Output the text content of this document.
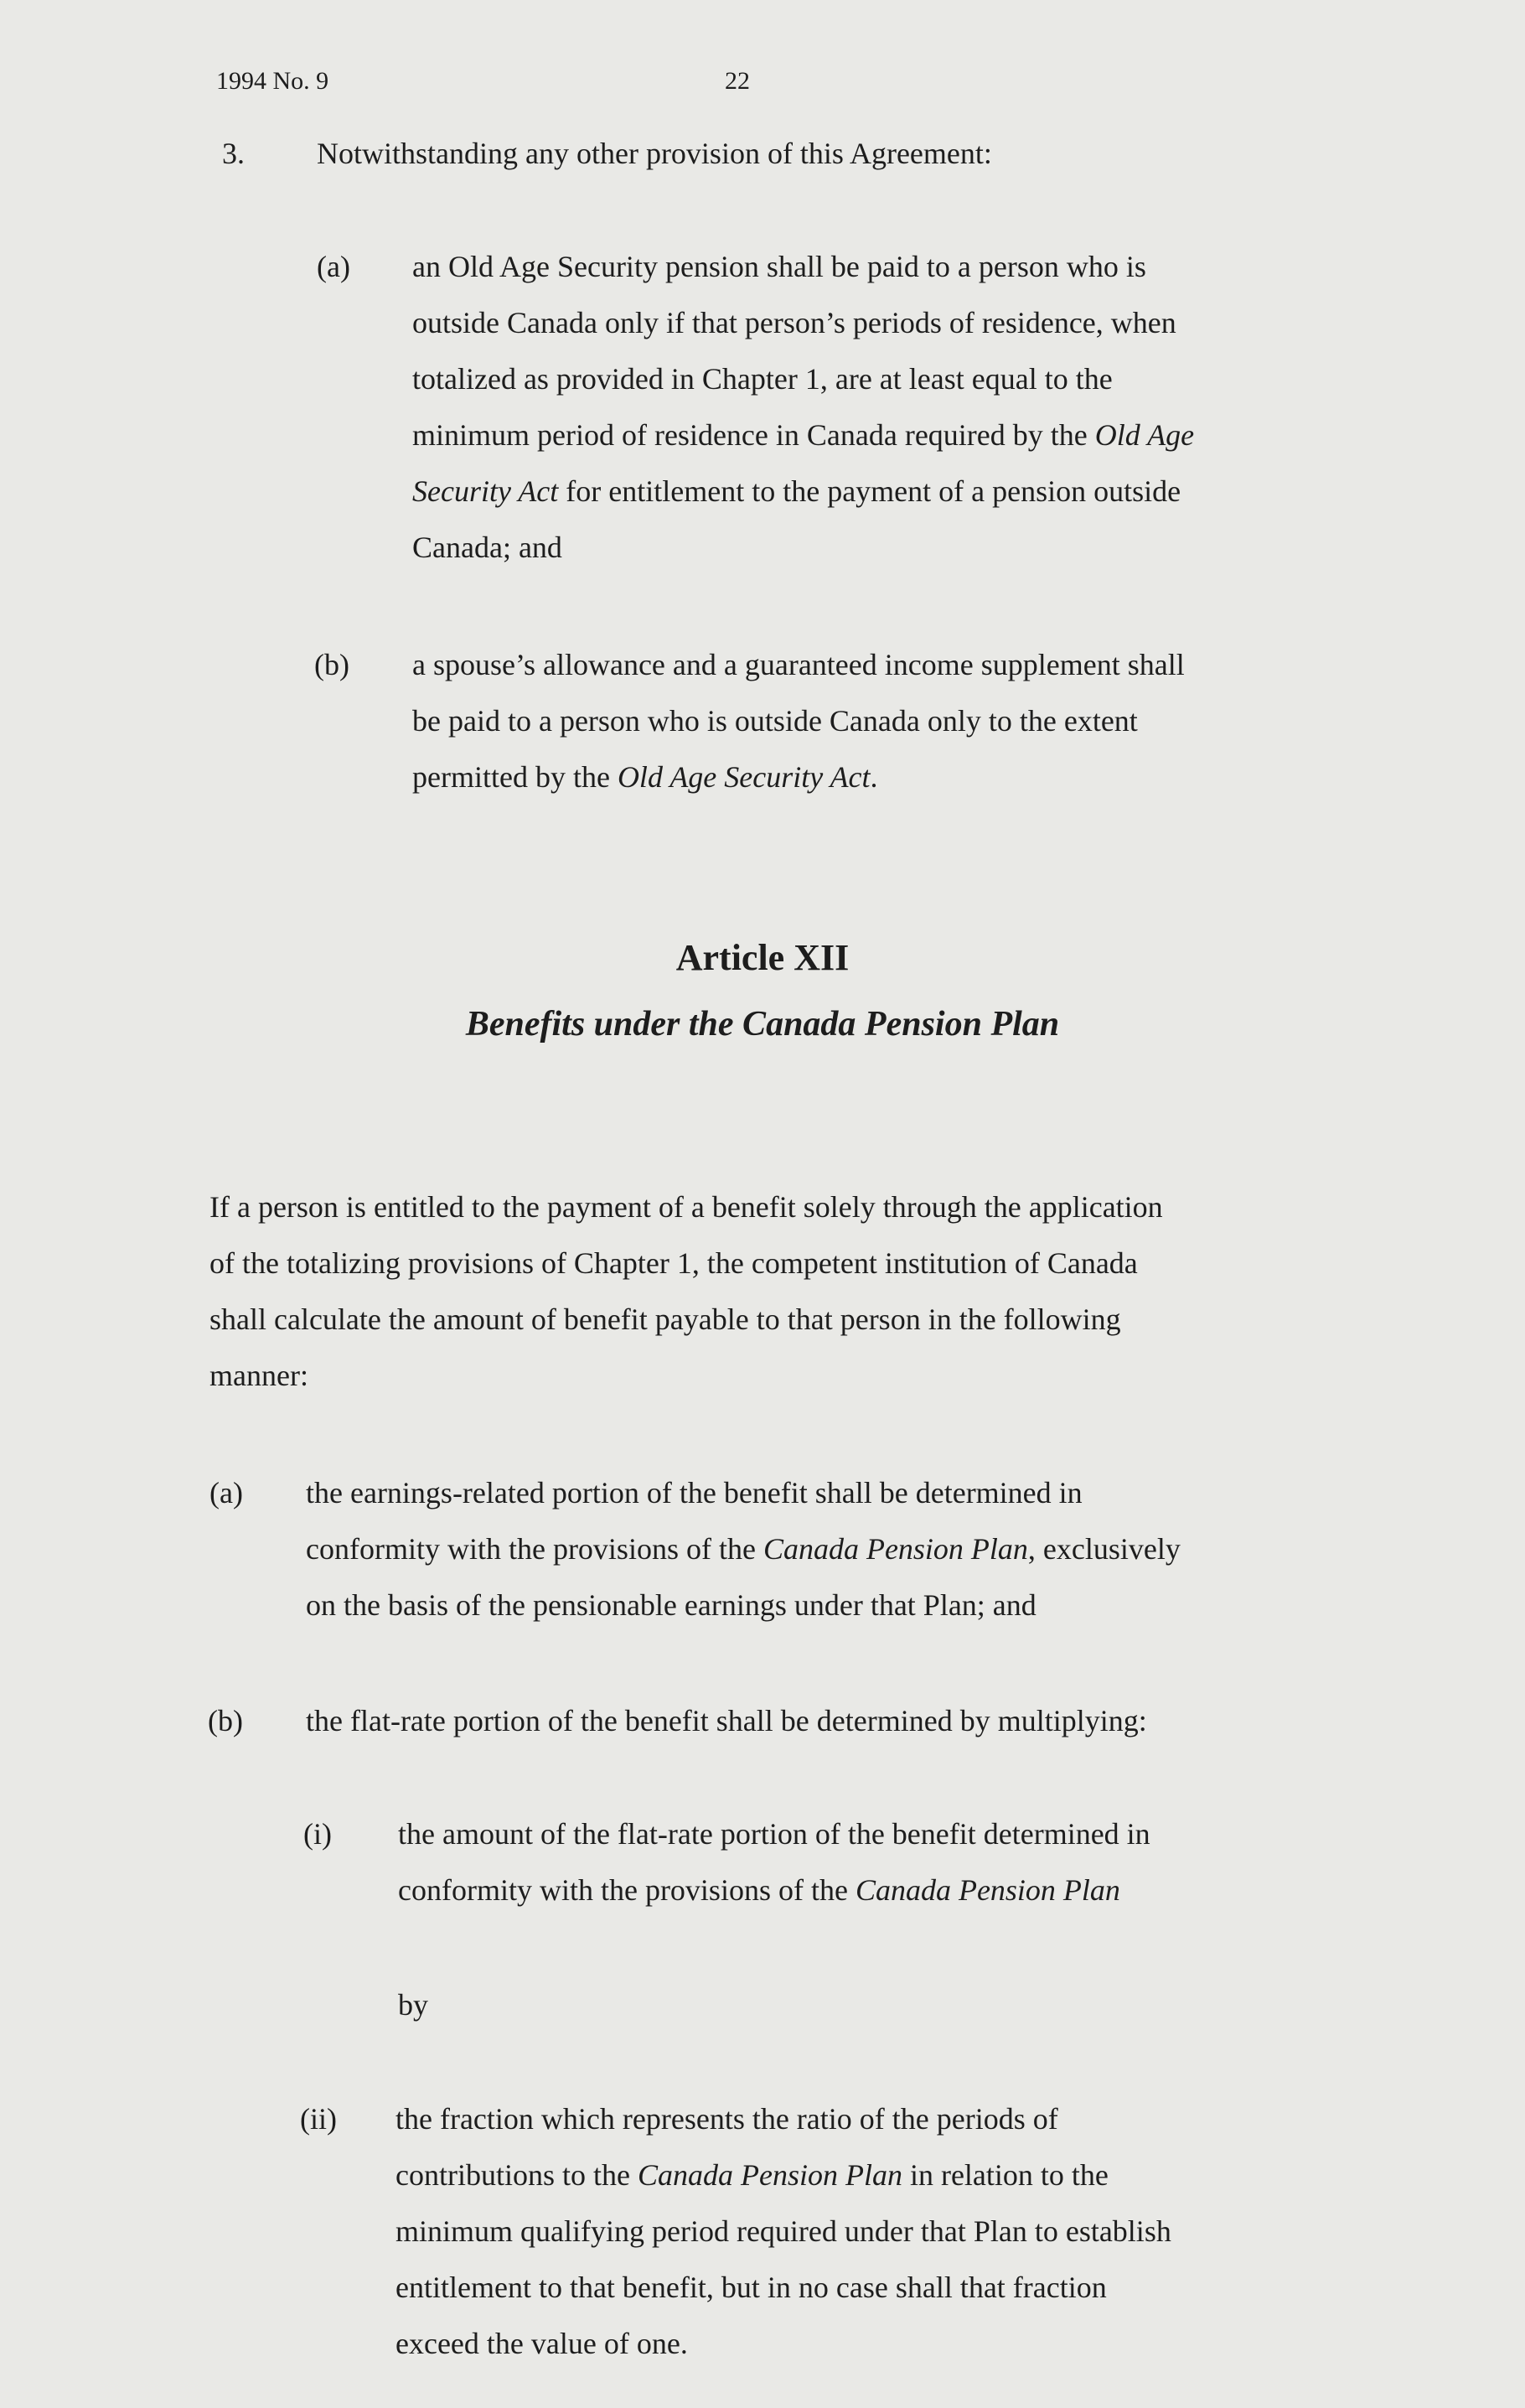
1994 No. 9	22
3. Notwithstanding any other provision of this Agreement:
(a) an Old Age Security pension shall be paid to a person who is
outside Canada only if that person’s periods of residence, when
totalized as provided in Chapter 1, are at least equal to the
minimum period of residence in Canada required by the Old Age
Security Act for entitlement to the payment of a pension outside
Canada; and
(b) a spouse’s allowance and a guaranteed income supplement shall
be paid to a person who is outside Canada only to the extent
permitted by the Old Age Security Act.
Article XII
Benefits under the Canada Pension Plan
If a person is entitled to the payment of a benefit solely through the application
of the totalizing provisions of Chapter 1, the competent institution of Canada
shall calculate the amount of benefit payable to that person in the following
manner:
(a) the earnings-related portion of the benefit shall be determined in
conformity with the provisions of the Canada Pension Plan, exclusively
on the basis of the pensionable earnings under that Plan; and
(b) the flat-rate portion of the benefit shall be determined by multiplying:
(i) the amount of the flat-rate portion of the benefit determined in
conformity with the provisions of the Canada Pension Plan
by
(ii) the fraction which represents the ratio of the periods of
contributions to the Canada Pension Plan in relation to the
minimum qualifying period required under that Plan to establish
entitlement to that benefit, but in no case shall that fraction
exceed the value of one.
